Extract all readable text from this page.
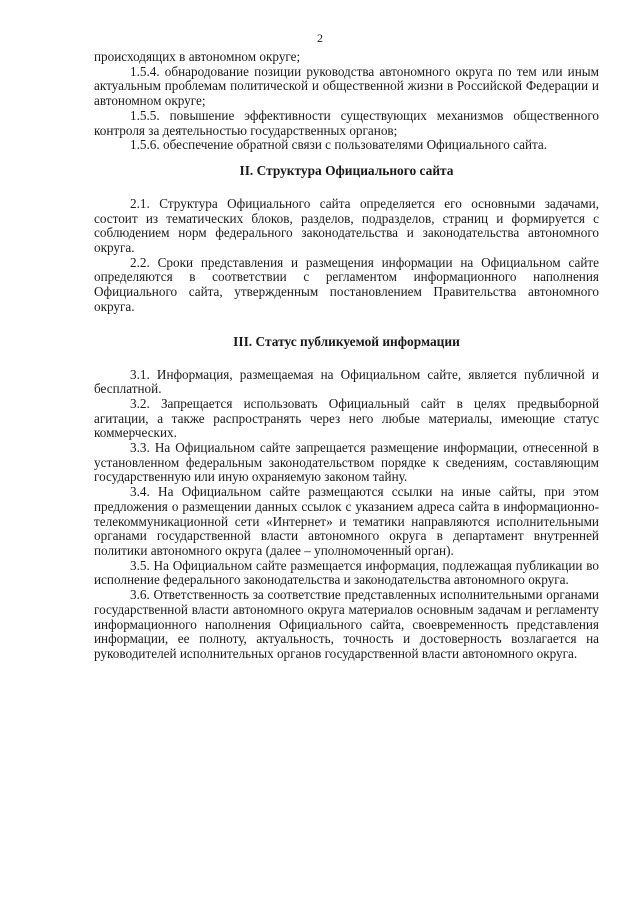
2

происходящих в автономном округе;

1.5.4. обнародование позиции руководства автономного округа по тем или иным актуальным проблемам политической и общественной жизни в Российской Федерации и автономном округе;

1.5.5. повышение эффективности существующих механизмов общественного контроля за деятельностью государственных органов;

1.5.6. обеспечение обратной связи с пользователями Официального сайта.

II. Структура Официального сайта

2.1. Структура Официального сайта определяется его основными задачами, состоит из тематических блоков, разделов, подразделов, страниц и формируется с соблюдением норм федерального законодательства и законодательства автономного округа.

2.2. Сроки представления и размещения информации на Официальном сайте определяются в соответствии с регламентом информационного наполнения Официального сайта, утвержденным постановлением Правительства автономного округа.

III. Статус публикуемой информации

3.1. Информация, размещаемая на Официальном сайте, является публичной и бесплатной.

3.2. Запрещается использовать Официальный сайт в целях предвыборной агитации, а также распространять через него любые материалы, имеющие статус коммерческих.

3.3. На Официальном сайте запрещается размещение информации, отнесенной в установленном федеральным законодательством порядке к сведениям, составляющим государственную или иную охраняемую законом тайну.

3.4. На Официальном сайте размещаются ссылки на иные сайты, при этом предложения о размещении данных ссылок с указанием адреса сайта в информационно-телекоммуникационной сети «Интернет» и тематики направляются исполнительными органами государственной власти автономного округа в департамент внутренней политики автономного округа (далее – уполномоченный орган).

3.5. На Официальном сайте размещается информация, подлежащая публикации во исполнение федерального законодательства и законодательства автономного округа.

3.6. Ответственность за соответствие представленных исполнительными органами государственной власти автономного округа материалов основным задачам и регламенту информационного наполнения Официального сайта, своевременность представления информации, ее полноту, актуальность, точность и достоверность возлагается на руководителей исполнительных органов государственной власти автономного округа.
